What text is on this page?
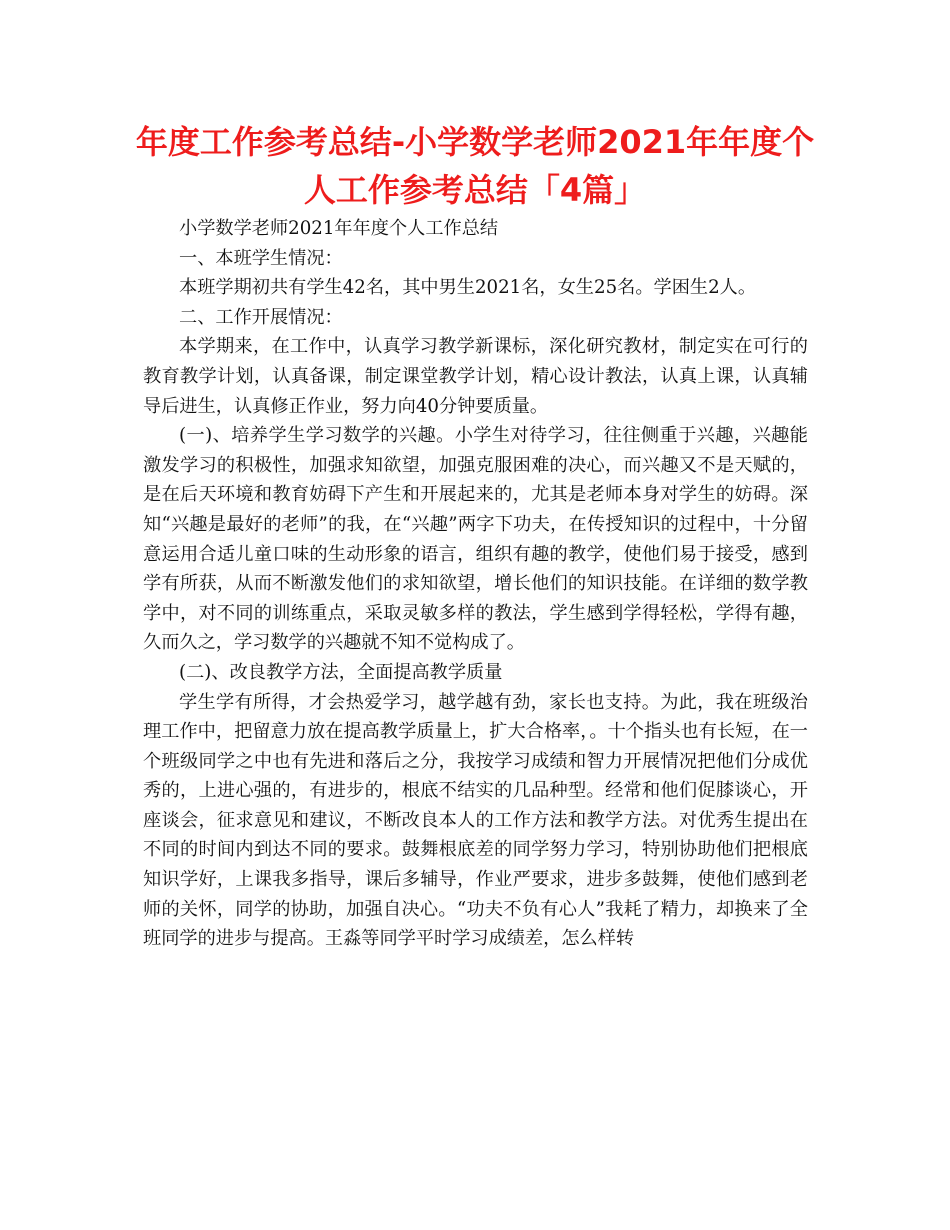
年度工作参考总结-小学数学老师2021年年度个人工作参考总结「4篇」

小学数学老师2021年年度个人工作总结

一、本班学生情况：

本班学期初共有学生42名，其中男生2021名，女生25名。学困生2人。

二、工作开展情况：

本学期来，在工作中，认真学习教学新课标，深化研究教材，制定实在可行的教育教学计划，认真备课，制定课堂教学计划，精心设计教法，认真上课，认真辅导后进生，认真修正作业，努力向40分钟要质量。

(一)、培养学生学习数学的兴趣。小学生对待学习，往往侧重于兴趣，兴趣能激发学习的积极性，加强求知欲望，加强克服困难的决心，而兴趣又不是天赋的，是在后天环境和教育妨碍下产生和开展起来的，尤其是老师本身对学生的妨碍。深知“兴趣是最好的老师”的我，在“兴趣”两字下功夫，在传授知识的过程中，十分留意运用合适儿童口味的生动形象的语言，组织有趣的教学，使他们易于接受，感到学有所获，从而不断激发他们的求知欲望，增长他们的知识技能。在详细的数学教学中，对不同的训练重点，采取灵敏多样的教法，学生感到学得轻松，学得有趣，久而久之，学习数学的兴趣就不知不觉构成了。

(二)、改良教学方法，全面提高教学质量

学生学有所得，才会热爱学习，越学越有劲，家长也支持。为此，我在班级治理工作中，把留意力放在提高教学质量上，扩大合格率，。十个指头也有长短，在一个班级同学之中也有先进和落后之分，我按学习成绩和智力开展情况把他们分成优秀的，上进心强的，有进步的，根底不结实的几品种型。经常和他们促膝谈心，开座谈会，征求意见和建议，不断改良本人的工作方法和教学方法。对优秀生提出在不同的时间内到达不同的要求。鼓舞根底差的同学努力学习，特别协助他们把根底知识学好，上课我多指导，课后多辅导，作业严要求，进步多鼓舞，使他们感到老师的关怀，同学的协助，加强自决心。“功夫不负有心人”我耗了精力，却换来了全班同学的进步与提高。王淼等同学平时学习成绩差，怎么样转
